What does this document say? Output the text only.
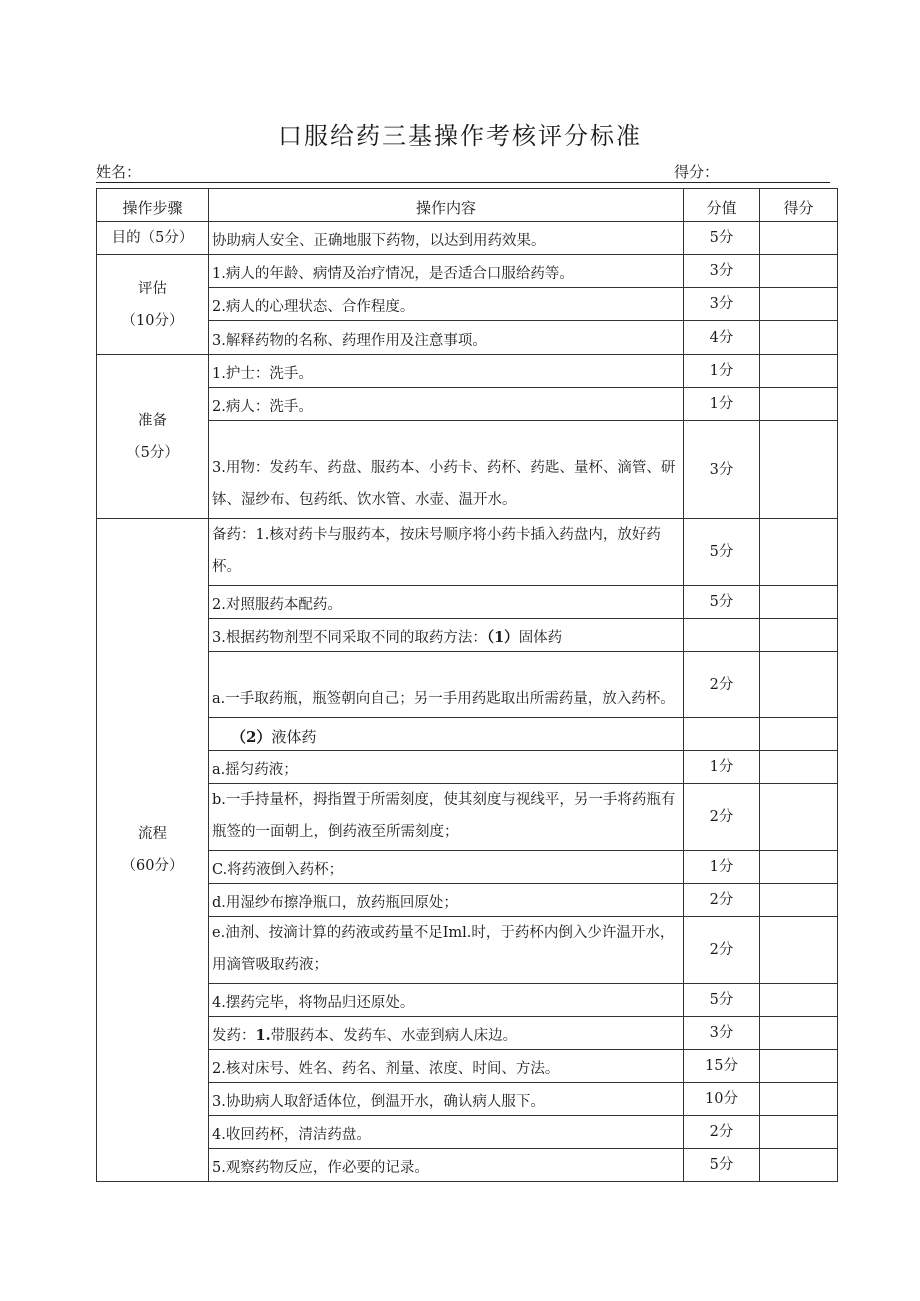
口服给药三基操作考核评分标准
姓名：	得分：
操作步骤	操作内容	分值	得分
目的（5分）	协助病人安全、正确地服下药物，以达到用药效果。	5分	

评估
（10分）	1.病人的年龄、病情及治疗情况，是否适合口服给药等。	3分	
	2.病人的心理状态、合作程度。	3分	
	3.解释药物的名称、药理作用及注意事项。	4分	

准备
（5分）	1.护士：洗手。	1分	
	2.病人：洗手。	1分	
	3.用物：发药车、药盘、服药本、小药卡、药杯、药匙、量杯、滴管、研钵、湿纱布、包药纸、饮水管、水壶、温开水。	3分	

流程
（60分）	备药：1.核对药卡与服药本，按床号顺序将小药卡插入药盘内，放好药杯。	5分	
	2.对照服药本配药。	5分	
	3.根据药物剂型不同采取不同的取药方法：（1）固体药		
	a.一手取药瓶，瓶签朝向自己；另一手用药匙取出所需药量，放入药杯。	2分	
	（2）液体药		
	a.摇匀药液；	1分	
	b.一手持量杯，拇指置于所需刻度，使其刻度与视线平，另一手将药瓶有瓶签的一面朝上，倒药液至所需刻度；	2分	
	C.将药液倒入药杯；	1分	
	d.用湿纱布擦净瓶口，放药瓶回原处；	2分	
	e.油剂、按滴计算的药液或药量不足Iml.时，于药杯内倒入少许温开水，用滴管吸取药液；	2分	
	4.摆药完毕，将物品归还原处。	5分	
	发药：1.带服药本、发药车、水壶到病人床边。	3分	
	2.核对床号、姓名、药名、剂量、浓度、时间、方法。	15分	
	3.协助病人取舒适体位，倒温开水，确认病人服下。	10分	
	4.收回药杯，清洁药盘。	2分	
	5.观察药物反应，作必要的记录。	5分	
